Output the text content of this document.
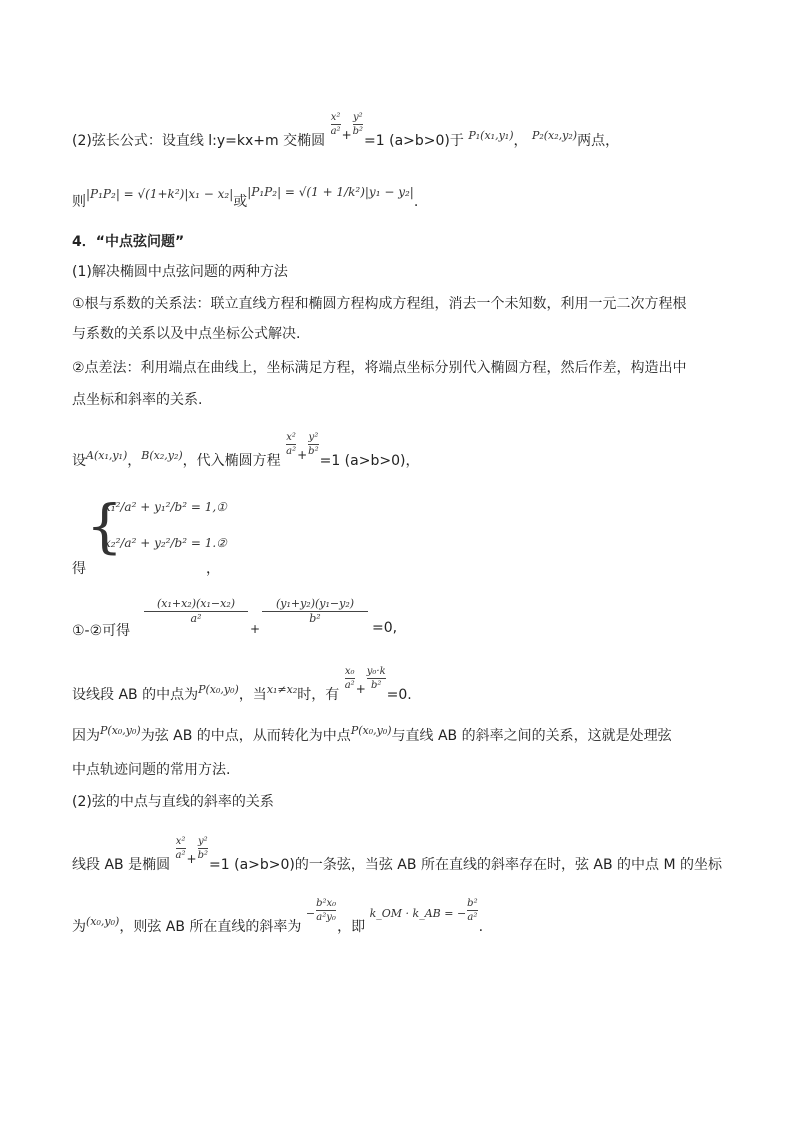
(2)弦长公式：设直线 l:y=kx+m 交椭圆
$\frac{\text{x²}}{\text{a²}} + \frac{\text{y²}}{\text{b²}}$
=1 (a>b>0)于 $^{P_1(x_1,y_1)}$， $^{P_2(x_2,y_2)}$两点，
则|P₁P₂| = √(1+k²)|x₁ − x₂|或|P₁P₂| = √(1 + 1/k²)|y₁ − y₂|.
4．“中点弦问题”
(1)解决椭圆中点弦问题的两种方法
①根与系数的关系法：联立直线方程和椭圆方程构成方程组，消去一个未知数，利用一元二次方程根
与系数的关系以及中点坐标公式解决.
②点差法：利用端点在曲线上，坐标满足方程，将端点坐标分别代入椭圆方程，然后作差，构造出中
点坐标和斜率的关系.
设$^{A(x_1,y_1)}$，$^{B(x_2,y_2)}$，代入椭圆方程
$\frac{\text{x²}}{\text{a²}} + \frac{\text{y²}}{\text{b²}}$
=1 (a>b>0)，
{
x₁²/a² + y₁²/b² = 1,①
x₂²/a² + y₂²/b² = 1.②
得	，
①-②可得
(x₁+x₂)(x₁−x₂)
a²
+
(y₁+y₂)(y₁−y₂)
b²
=0,
设线段 AB 的中点为$^{P(x_0,y_0)}$，当$^{x_1\ne x_2}$时，有
$\frac{\text{x₀}}{\text{a²}} + \frac{\text{y₀·k}}{\text{b²}}$
=0.
因为$^{P(x_0,y_0)}$为弦 AB 的中点，从而转化为中点$^{P(x_0,y_0)}$与直线 AB 的斜率之间的关系，这就是处理弦
中点轨迹问题的常用方法.
(2)弦的中点与直线的斜率的关系
线段 AB 是椭圆
$\frac{\text{x²}}{\text{a²}} + \frac{\text{y²}}{\text{b²}}$
=1 (a>b>0)的一条弦，当弦 AB 所在直线的斜率存在时，弦 AB 的中点 M 的坐标
为$^{(x_0,y_0)}$，则弦 AB 所在直线的斜率为 $^- \frac{\text{b²x₀}}{\text{a²y₀}}$
，即 $^{k\_OM \cdot k\_AB = -} \frac{\text{b²}}{\text{a²}}$
.
